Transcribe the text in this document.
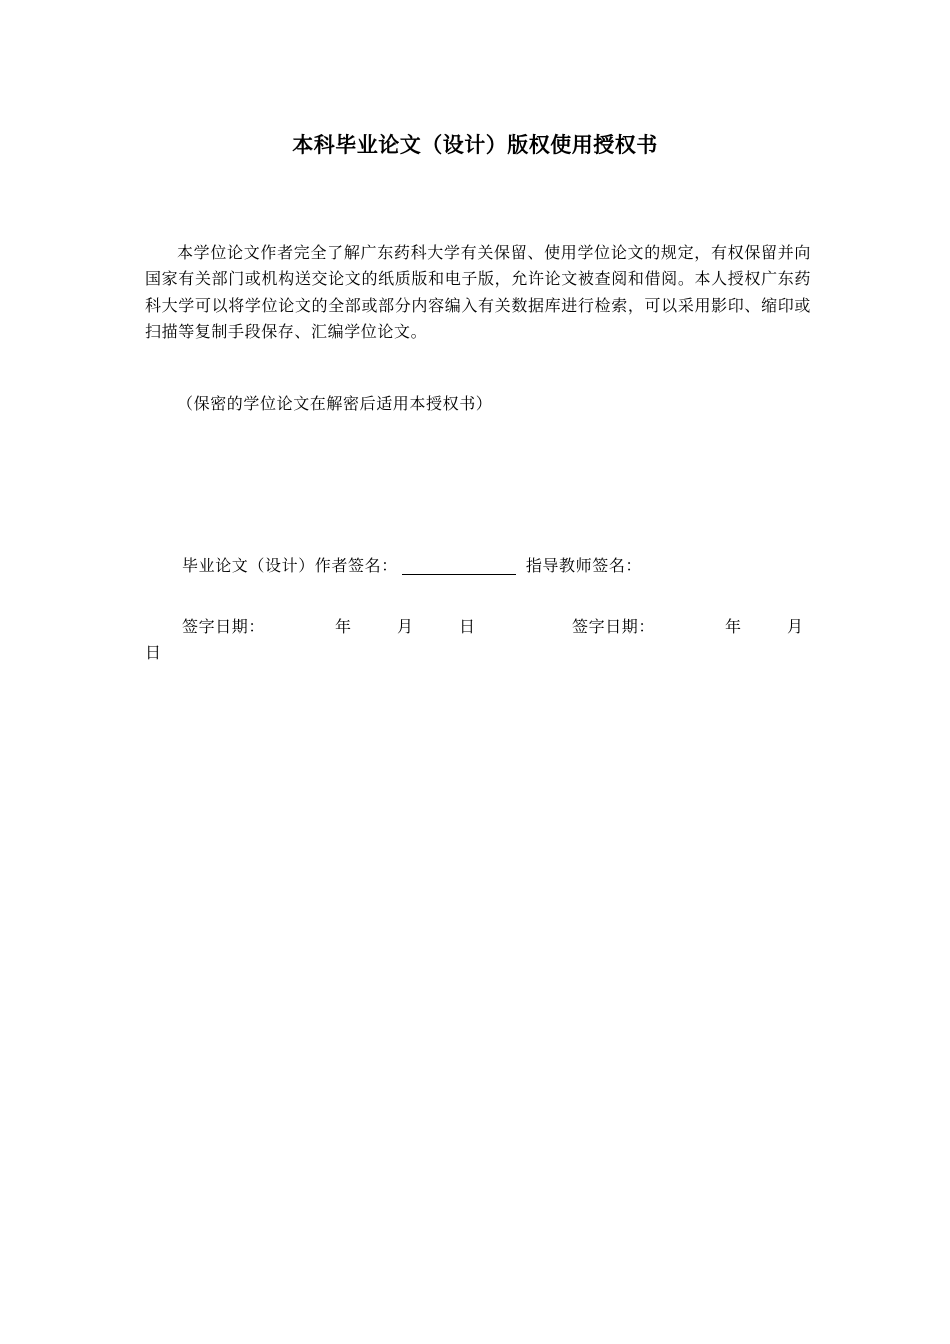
本科毕业论文（设计）版权使用授权书

本学位论文作者完全了解广东药科大学有关保留、使用学位论文的规定，有权保留并向国家有关部门或机构送交论文的纸质版和电子版，允许论文被查阅和借阅。本人授权广东药科大学可以将学位论文的全部或部分内容编入有关数据库进行检索，可以采用影印、缩印或扫描等复制手段保存、汇编学位论文。

（保密的学位论文在解密后适用本授权书）

毕业论文（设计）作者签名：	指导教师签名：
签字日期：	年	月	日	签字日期：	年	月
日
